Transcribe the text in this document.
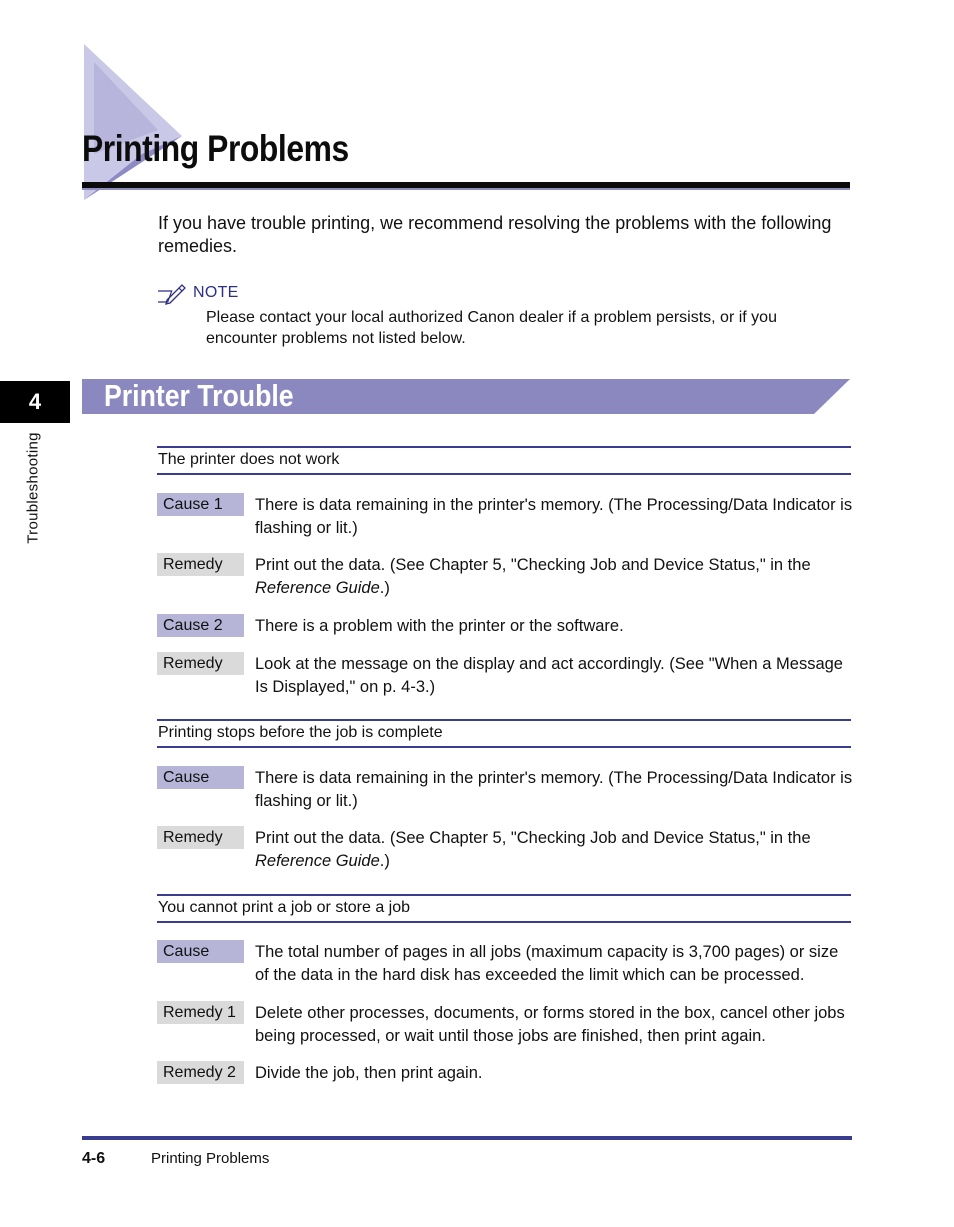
Printing Problems

If you have trouble printing, we recommend resolving the problems with the following remedies.

NOTE

Please contact your local authorized Canon dealer if a problem persists, or if you encounter problems not listed below.

4
Troubleshooting
Printer Trouble
The printer does not work
Cause 1	There is data remaining in the printer's memory. (The Processing/Data Indicator is flashing or lit.)

Remedy	Print out the data. (See Chapter 5, "Checking Job and Device Status," in the Reference Guide.)

Cause 2	There is a problem with the printer or the software.

Remedy	Look at the message on the display and act accordingly. (See "When a Message Is Displayed," on p. 4-3.)

Printing stops before the job is complete
Cause	There is data remaining in the printer's memory. (The Processing/Data Indicator is flashing or lit.)

Remedy	Print out the data. (See Chapter 5, "Checking Job and Device Status," in the Reference Guide.)

You cannot print a job or store a job
Cause	The total number of pages in all jobs (maximum capacity is 3,700 pages) or size of the data in the hard disk has exceeded the limit which can be processed.

Remedy 1	Delete other processes, documents, or forms stored in the box, cancel other jobs being processed, or wait until those jobs are finished, then print again.

Remedy 2	Divide the job, then print again.

4-6	Printing Problems
